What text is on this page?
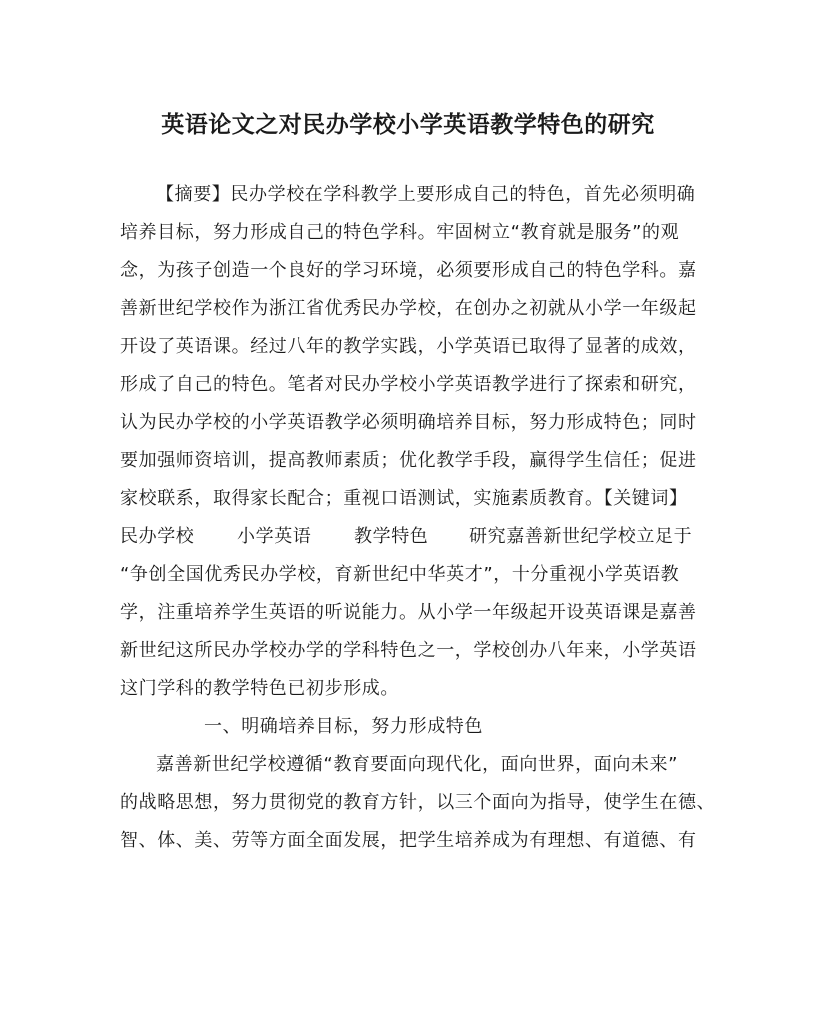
英语论文之对民办学校小学英语教学特色的研究
【摘要】民办学校在学科教学上要形成自己的特色，首先必须明确
培养目标，努力形成自己的特色学科。牢固树立“教育就是服务”的观
念，为孩子创造一个良好的学习环境，必须要形成自己的特色学科。嘉
善新世纪学校作为浙江省优秀民办学校，在创办之初就从小学一年级起
开设了英语课。经过八年的教学实践，小学英语已取得了显著的成效，
形成了自己的特色。笔者对民办学校小学英语教学进行了探索和研究，
认为民办学校的小学英语教学必须明确培养目标，努力形成特色；同时
要加强师资培训，提高教师素质；优化教学手段，赢得学生信任；促进
家校联系，取得家长配合；重视口语测试，实施素质教育。【关键词】
民办学校	小学英语	教学特色	研究嘉善新世纪学校立足于
“争创全国优秀民办学校，育新世纪中华英才”，十分重视小学英语教
学，注重培养学生英语的听说能力。从小学一年级起开设英语课是嘉善
新世纪这所民办学校办学的学科特色之一，学校创办八年来，小学英语
这门学科的教学特色已初步形成。
一、明确培养目标，努力形成特色
嘉善新世纪学校遵循“教育要面向现代化，面向世界，面向未来”
的战略思想，努力贯彻党的教育方针，以三个面向为指导，使学生在德、
智、体、美、劳等方面全面发展，把学生培养成为有理想、有道德、有
